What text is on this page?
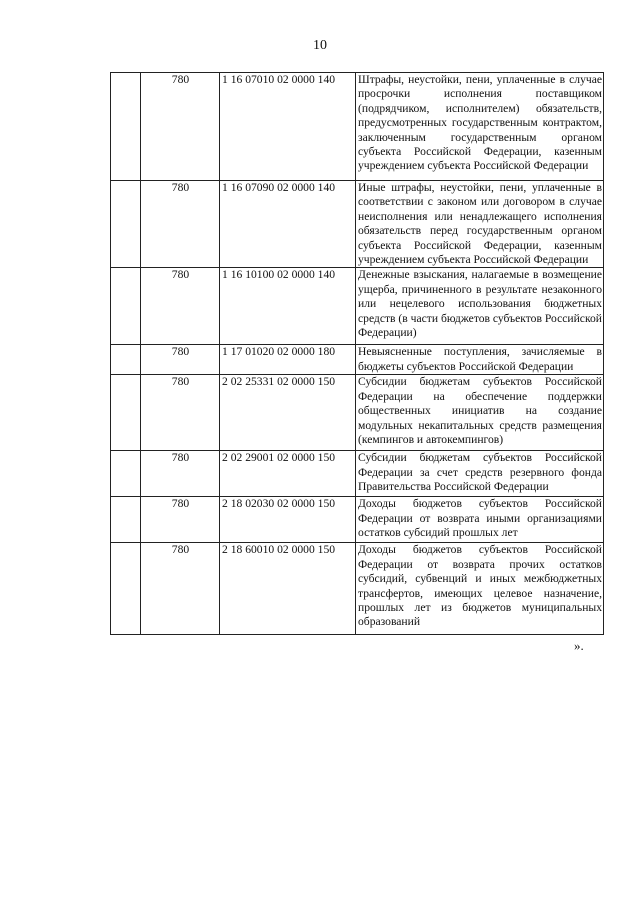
10
	780	1 16 07010 02 0000 140	Штрафы, неустойки, пени, уплаченные в случае просрочки исполнения поставщиком (подрядчиком, исполнителем) обязательств, предусмотренных государственным контрактом, заключенным государственным органом субъекта Российской Федерации, казенным учреждением субъекта Российской Федерации
	780	1 16 07090 02 0000 140	Иные штрафы, неустойки, пени, уплаченные в соответствии с законом или договором в случае неисполнения или ненадлежащего исполнения обязательств перед государственным органом субъекта Российской Федерации, казенным учреждением субъекта Российской Федерации
	780	1 16 10100 02 0000 140	Денежные взыскания, налагаемые в возмещение ущерба, причиненного в результате незаконного или нецелевого использования бюджетных средств (в части бюджетов субъектов Российской Федерации)
	780	1 17 01020 02 0000 180	Невыясненные поступления, зачисляемые в бюджеты субъектов Российской Федерации
	780	2 02 25331 02 0000 150	Субсидии бюджетам субъектов Российской Федерации на обеспечение поддержки общественных инициатив на создание модульных некапитальных средств размещения (кемпингов и автокемпингов)
	780	2 02 29001 02 0000 150	Субсидии бюджетам субъектов Российской Федерации за счет средств резервного фонда Правительства Российской Федерации
	780	2 18 02030 02 0000 150	Доходы бюджетов субъектов Российской Федерации от возврата иными организациями остатков субсидий прошлых лет
	780	2 18 60010 02 0000 150	Доходы бюджетов субъектов Российской Федерации от возврата прочих остатков субсидий, субвенций и иных межбюджетных трансфертов, имеющих целевое назначение, прошлых лет из бюджетов муниципальных образований
».
